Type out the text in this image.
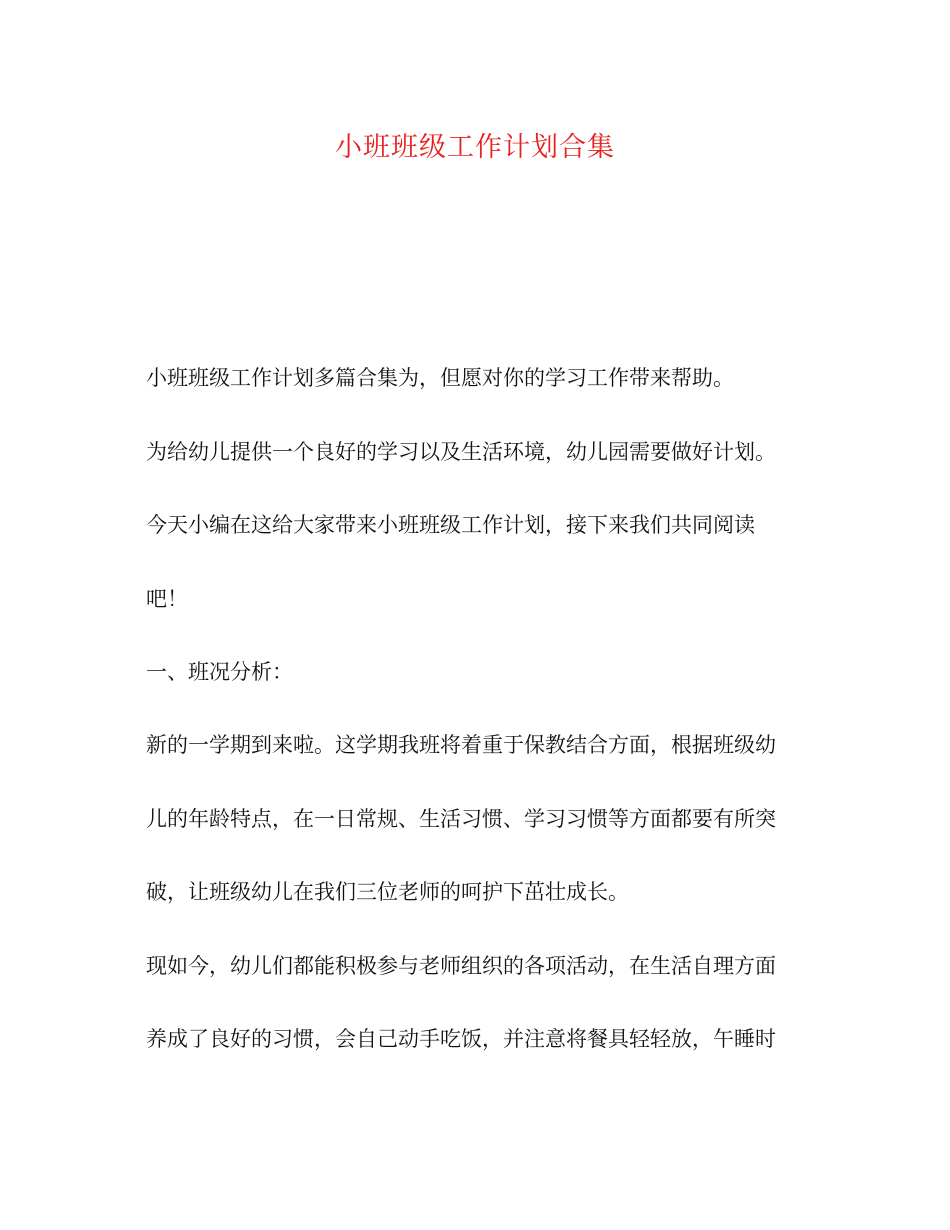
小班班级工作计划合集
小班班级工作计划多篇合集为，但愿对你的学习工作带来帮助。
为给幼儿提供一个良好的学习以及生活环境，幼儿园需要做好计划。
今天小编在这给大家带来小班班级工作计划，接下来我们共同阅读
吧！
一、班况分析：
新的一学期到来啦。这学期我班将着重于保教结合方面，根据班级幼
儿的年龄特点，在一日常规、生活习惯、学习习惯等方面都要有所突
破，让班级幼儿在我们三位老师的呵护下茁壮成长。
现如今，幼儿们都能积极参与老师组织的各项活动，在生活自理方面
养成了良好的习惯，会自己动手吃饭，并注意将餐具轻轻放，午睡时
